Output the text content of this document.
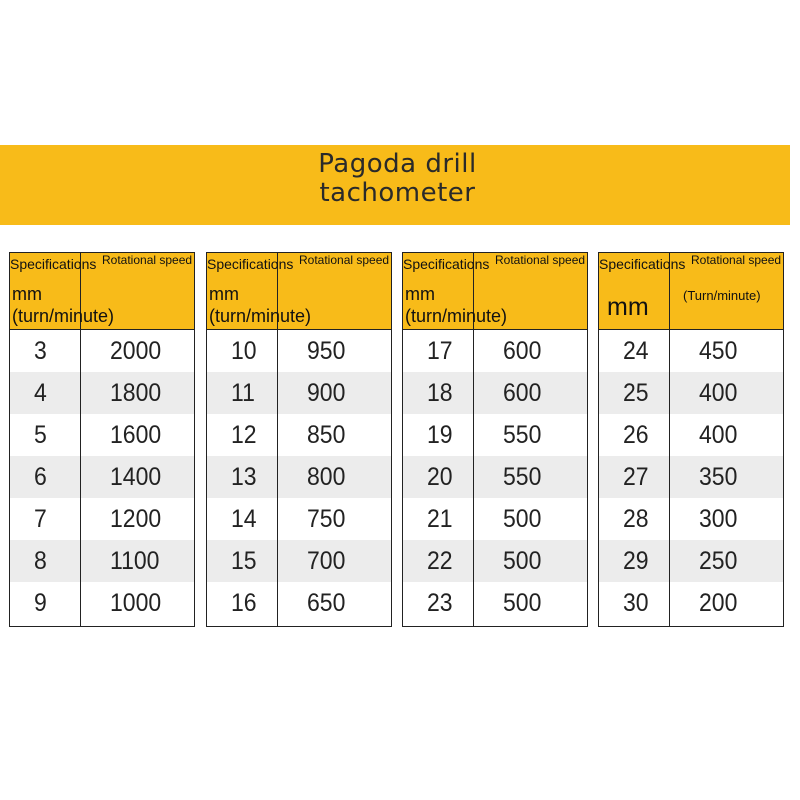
Pagoda drill
tachometer
Specifications Rotational speed
mm
(turn/minute)
3	2000
4	1800
5	1600
6	1400
7	1200
8	1100
9	1000
Specifications Rotational speed
mm
(turn/minute)
10 950
11 900
12 850
13 800
14 750
15 700
16 650
Specifications Rotational speed
mm
(turn/minute)
17 600
18 600
19 550
20 550
21 500
22 500
23 500
Specifications Rotational speed
mm	(Turn/minute)
24 450
25 400
26 400
27 350
28 300
29 250
30 200
